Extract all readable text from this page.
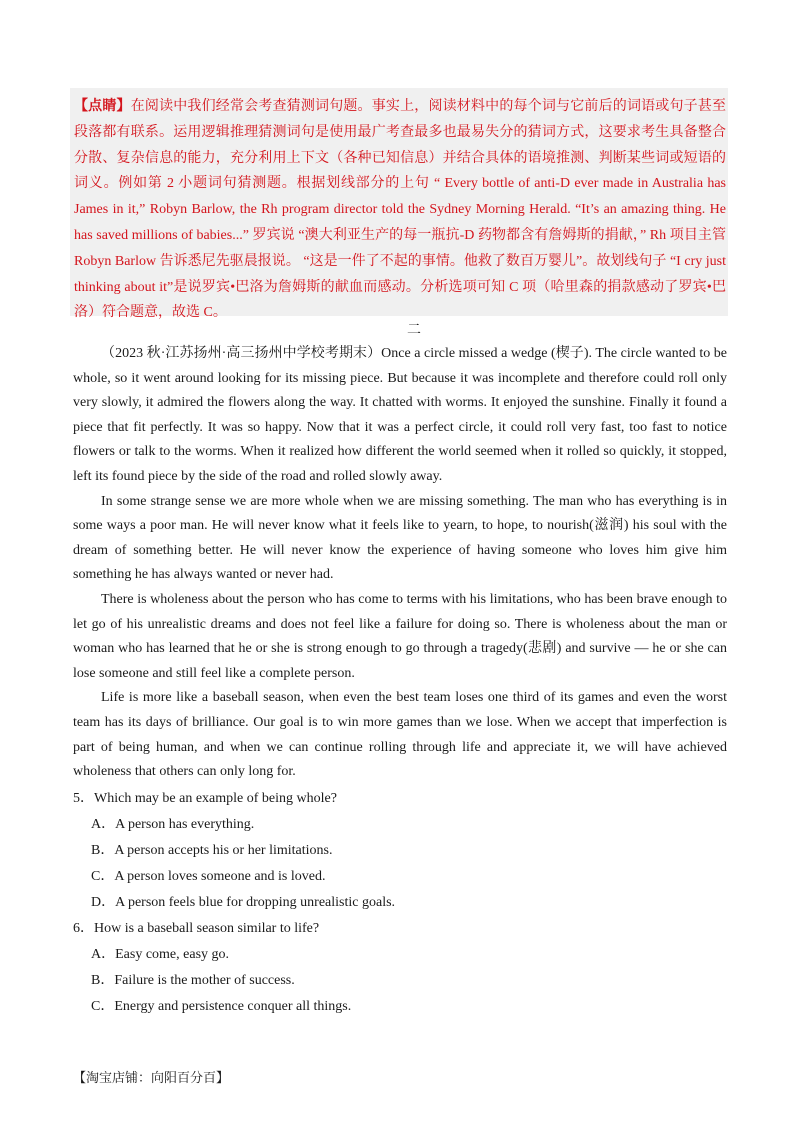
【点睛】在阅读中我们经常会考查猜测词句题。事实上，阅读材料中的每个词与它前后的词语或句子甚至段落都有联系。运用逻辑推理猜测词句是使用最广考查最多也最易失分的猜词方式，这要求考生具备整合分散、复杂信息的能力，充分利用上下文（各种已知信息）并结合具体的语境推测、判断某些词或短语的词义。例如第 2 小题词句猜测题。根据划线部分的上句 “ Every bottle of anti-D ever made in Australia has James in it,” Robyn Barlow, the Rh program director told the Sydney Morning Herald. “It’s an amazing thing. He has saved millions of babies...” 罗宾说 “澳大利亚生产的每一瓶抗-D 药物都含有詹姆斯的捐献，” Rh 项目主管 Robyn Barlow 告诉悉尼先驱晨报说。 “这是一件了不起的事情。他救了数百万婴儿”。故划线句子 “I cry just thinking about it”是说罗宾•巴洛为詹姆斯的献血而感动。分析选项可知 C 项（哈里森的捐款感动了罗宾•巴洛）符合题意，故选 C。
二

（2023 秋·江苏扬州·高三扬州中学校考期末）Once a circle missed a wedge (楔子). The circle wanted to be whole, so it went around looking for its missing piece. But because it was incomplete and therefore could roll only very slowly, it admired the flowers along the way. It chatted with worms. It enjoyed the sunshine. Finally it found a piece that fit perfectly. It was so happy. Now that it was a perfect circle, it could roll very fast, too fast to notice flowers or talk to the worms. When it realized how different the world seemed when it rolled so quickly, it stopped, left its found piece by the side of the road and rolled slowly away.

In some strange sense we are more whole when we are missing something. The man who has everything is in some ways a poor man. He will never know what it feels like to yearn, to hope, to nourish(滋润) his soul with the dream of something better. He will never know the experience of having someone who loves him give him something he has always wanted or never had.

There is wholeness about the person who has come to terms with his limitations, who has been brave enough to let go of his unrealistic dreams and does not feel like a failure for doing so. There is wholeness about the man or woman who has learned that he or she is strong enough to go through a tragedy(悲剧) and survive — he or she can lose someone and still feel like a complete person.

Life is more like a baseball season, when even the best team loses one third of its games and even the worst team has its days of brilliance. Our goal is to win more games than we lose. When we accept that imperfection is part of being human, and when we can continue rolling through life and appreciate it, we will have achieved wholeness that others can only long for.

5．Which may be an example of being whole?

A．A person has everything.

B．A person accepts his or her limitations.

C．A person loves someone and is loved.

D．A person feels blue for dropping unrealistic goals.

6．How is a baseball season similar to life?

A．Easy come, easy go.

B．Failure is the mother of success.

C．Energy and persistence conquer all things.

【淘宝店铺：向阳百分百】
